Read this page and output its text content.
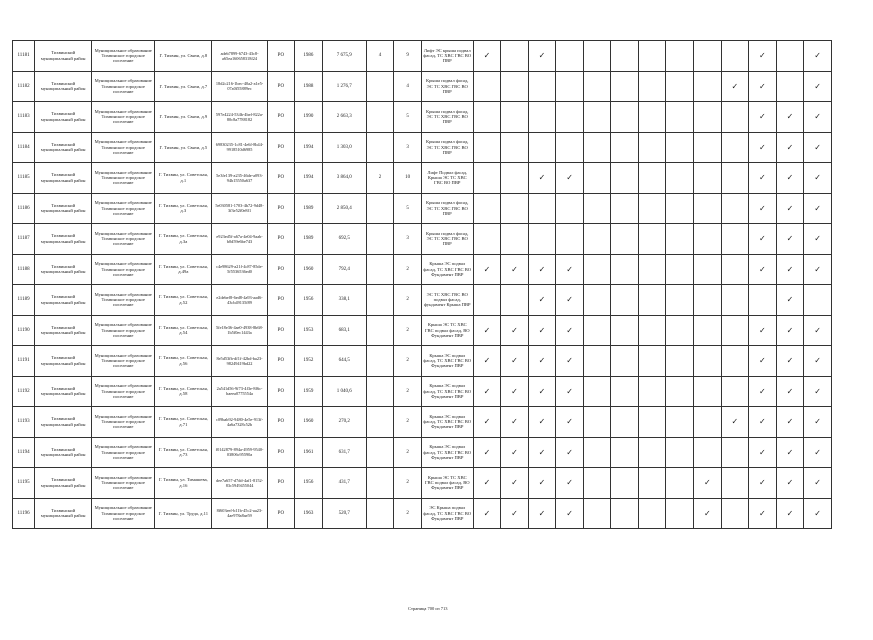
11181	Тихвинский муниципальный район	Муниципальное образование Тихвинское городское поселение	Г. Тихвин, ул. Связи, д.8	adeb7899-6743-43c8-a65ea160658318f24	РО	1986	7 675,9	4	9	Лифт ЭС крыша подвал фасад, ТС ХВС ГВС ВО ПВР	✓		✓								✓		✓
11182	Тихвинский муниципальный район	Муниципальное образование Тихвинское городское поселение	Г. Тихвин, ул. Связи, д.7	18d2c216-1bec-40a2-a1e5-07a0f55889ec	РО	1988	1 276,7		4	Крыша подвал фасад, ЭС ТС ХВС ГВС ВО ПВР										✓	✓		✓
11183	Тихвинский муниципальный район	Муниципальное образование Тихвинское городское поселение	Г. Тихвин, ул. Связи, д.9	597e4224-534b-4bef-822a-80c8a7788182	РО	1990	2 663,3		5	Крыша подвал фасад, ЭС ТС ХВС ГВС ВО ПВР											✓	✓	✓
11184	Тихвинский муниципальный район	Муниципальное образование Тихвинское городское поселение	Г. Тихвин, ул. Связи, д.5	69830235-1c81-4e6f-8b44-9918510d6985	РО	1994	1 303,0		3	Крыша подвал фасад, ЭС ТС ХВС ГВС ВО ПВР											✓	✓	✓
11185	Тихвинский муниципальный район	Муниципальное образование Тихвинское городское поселение	Г. Тихвин, ул. Советская, д.1	5e3fe139-a235-46de-a093-94b15550a637	РО	1994	3 864,0	2	10	Лифт Подвал фасад, Крыша ЭС ТС ХВС ГВС ВО ПВР			✓	✓							✓	✓	✓
11186	Тихвинский муниципальный район	Муниципальное образование Тихвинское городское поселение	Г. Тихвин, ул. Советская, д.3	5e030581-1703-4b72-9d48-3f3e52f0e8f1	РО	1989	2 850,4		5	Крыша подвал фасад, ЭС ТС ХВС ГВС ВО ПВР											✓	✓	✓
11187	Тихвинский муниципальный район	Муниципальное образование Тихвинское городское поселение	Г. Тихвин, ул. Советская, д.3а	e923ed5f-a67a-4e04-9aab-b0d59e6be743	РО	1989	692,5		3	Крыша подвал фасад, ЭС ТС ХВС ГВС ВО ПВР											✓	✓	✓
11188	Тихвинский муниципальный район	Муниципальное образование Тихвинское городское поселение	Г. Тихвин, ул. Советская, д.49а	c4e98629-a21f-4c87-85de-5f5536536ed0	РО	1960	792,4		2	Крыша ЭС подвал фасад, ТС ХВС ГВС ВО Фундамент ПВР	✓	✓	✓	✓							✓	✓	✓
11189	Тихвинский муниципальный район	Муниципальное образование Тихвинское городское поселение	Г. Тихвин, ул. Советская, д.52	e2debef8-6ed8-4a93-aad6-43cb49135f89	РО	1956	338,1		2	ЭС ТС ХВС ГВС ВО подвал фасад, фундамент Крыша ПВР			✓	✓								✓	
11190	Тихвинский муниципальный район	Муниципальное образование Тихвинское городское поселение	Г. Тихвин, ул. Советская, д.54	5fe18e36-4ae0-4938-8b68-1b5f0ec1443a	РО	1953	683,1		2	Крыша ЭС ТС ХВС ГВС подвал фасад, ВО Фундамент ПВР	✓	✓	✓	✓							✓	✓	✓
11191	Тихвинский муниципальный район	Муниципальное образование Тихвинское городское поселение	Г. Тихвин, ул. Советская, д.56	8e5d53fb-df1f-42bd-ba23-98249419bd22	РО	1952	644,5		2	Крыша ЭС подвал фасад, ТС ХВС ГВС ВО Фундамент ПВР	✓	✓	✓	✓							✓	✓	✓
11192	Тихвинский муниципальный район	Муниципальное образование Тихвинское городское поселение	Г. Тихвин, ул. Советская, д.58	2a541d56-9f73-4f3e-8f6c-baeea0775554a	РО	1959	1 040,6		2	Крыша ЭС подвал фасад, ТС ХВС ГВС ВО Фундамент ПВР	✓	✓	✓	✓							✓	✓	✓
11193	Тихвинский муниципальный район	Муниципальное образование Тихвинское городское поселение	Г. Тихвин, ул. Советская, д.71	c09bab92-9480-4e5e-913f-4a6a7328c52b	РО	1960	270,2		2	Крыша ЭС подвал фасад, ТС ХВС ГВС ВО Фундамент ПВР	✓	✓	✓	✓						✓	✓	✓	✓
11194	Тихвинский муниципальный район	Муниципальное образование Тихвинское городское поселение	Г. Тихвин, ул. Советская, д.73	f0142879-894a-4959-9540-03806c95590a	РО	1961	631,7		2	Крыша ЭС подвал фасад, ТС ХВС ГВС ВО Фундамент ПВР	✓	✓	✓	✓							✓	✓	✓
11195	Тихвинский муниципальный район	Муниципальное образование Тихвинское городское поселение	Г. Тихвин, ул. Тимашева, д.16	dee7a657-d7dd-4af1-8152-83c5949455044	РО	1956	431,7		2	Крыша ЭС ТС ХВС ГВС подвал фасад, ВО Фундамент ПВР	✓	✓	✓	✓					✓		✓	✓	✓
11196	Тихвинский муниципальный район	Муниципальное образование Тихвинское городское поселение	Г. Тихвин, ул. Труда, д.11	8f603eef-b11b-45c2-aa23-4ae978a8ae59	РО	1963	520,7		2	ЭС Крыша подвал фасад, ТС ХВС ГВС ВО Фундамент ПВР	✓	✓	✓	✓					✓		✓	✓	✓
Страница 700 из 713
